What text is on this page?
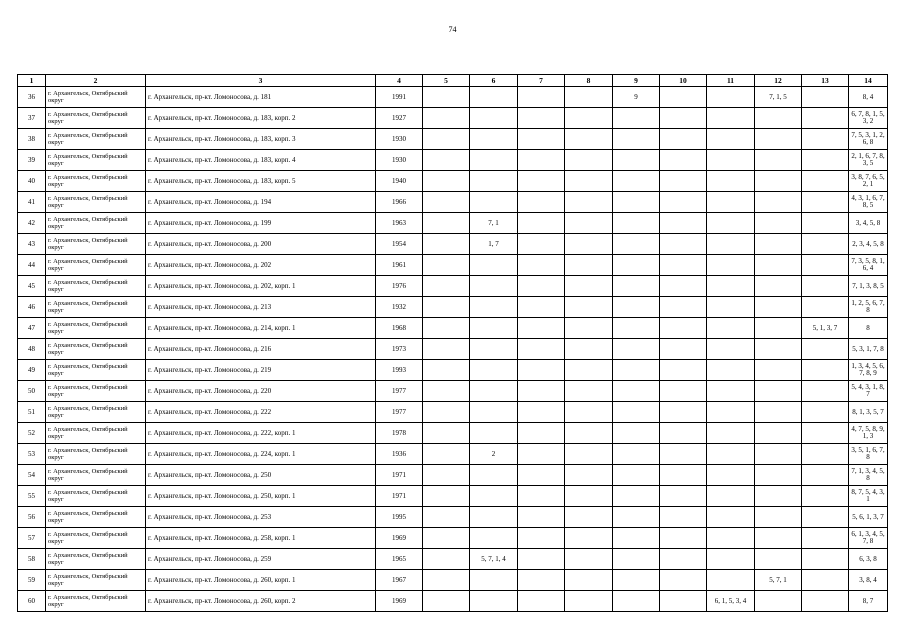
74
1	2	3	4	5	6	7	8	9	10	11	12	13	14
36	г. Архангельск, Октябрьский округ	г. Архангельск, пр-кт. Ломоносова, д. 181	1991					9			7, 1, 5		8, 4
37	г. Архангельск, Октябрьский округ	г. Архангельск, пр-кт. Ломоносова, д. 183, корп. 2	1927										6, 7, 8, 1, 5, 3, 2
38	г. Архангельск, Октябрьский округ	г. Архангельск, пр-кт. Ломоносова, д. 183, корп. 3	1930										7, 5, 3, 1, 2, 6, 8
39	г. Архангельск, Октябрьский округ	г. Архангельск, пр-кт. Ломоносова, д. 183, корп. 4	1930										2, 1, 6, 7, 8, 3, 5
40	г. Архангельск, Октябрьский округ	г. Архангельск, пр-кт. Ломоносова, д. 183, корп. 5	1940										3, 8, 7, 6, 5, 2, 1
41	г. Архангельск, Октябрьский округ	г. Архангельск, пр-кт. Ломоносова, д. 194	1966										4, 3, 1, 6, 7, 8, 5
42	г. Архангельск, Октябрьский округ	г. Архангельск, пр-кт. Ломоносова, д. 199	1963		7, 1								3, 4, 5, 8
43	г. Архангельск, Октябрьский округ	г. Архангельск, пр-кт. Ломоносова, д. 200	1954		1, 7								2, 3, 4, 5, 8
44	г. Архангельск, Октябрьский округ	г. Архангельск, пр-кт. Ломоносова, д. 202	1961										7, 3, 5, 8, 1, 6, 4
45	г. Архангельск, Октябрьский округ	г. Архангельск, пр-кт. Ломоносова, д. 202, корп. 1	1976										7, 1, 3, 8, 5
46	г. Архангельск, Октябрьский округ	г. Архангельск, пр-кт. Ломоносова, д. 213	1932										1, 2, 5, 6, 7, 8
47	г. Архангельск, Октябрьский округ	г. Архангельск, пр-кт. Ломоносова, д. 214, корп. 1	1968									5, 1, 3, 7	8
48	г. Архангельск, Октябрьский округ	г. Архангельск, пр-кт. Ломоносова, д. 216	1973										5, 3, 1, 7, 8
49	г. Архангельск, Октябрьский округ	г. Архангельск, пр-кт. Ломоносова, д. 219	1993										1, 3, 4, 5, 6, 7, 8, 9
50	г. Архангельск, Октябрьский округ	г. Архангельск, пр-кт. Ломоносова, д. 220	1977										5, 4, 3, 1, 8, 7
51	г. Архангельск, Октябрьский округ	г. Архангельск, пр-кт. Ломоносова, д. 222	1977										8, 1, 3, 5, 7
52	г. Архангельск, Октябрьский округ	г. Архангельск, пр-кт. Ломоносова, д. 222, корп. 1	1978										4, 7, 5, 8, 9, 1, 3
53	г. Архангельск, Октябрьский округ	г. Архангельск, пр-кт. Ломоносова, д. 224, корп. 1	1936		2								3, 5, 1, 6, 7, 8
54	г. Архангельск, Октябрьский округ	г. Архангельск, пр-кт. Ломоносова, д. 250	1971										7, 1, 3, 4, 5, 8
55	г. Архангельск, Октябрьский округ	г. Архангельск, пр-кт. Ломоносова, д. 250, корп. 1	1971										8, 7, 5, 4, 3, 1
56	г. Архангельск, Октябрьский округ	г. Архангельск, пр-кт. Ломоносова, д. 253	1995										5, 6, 1, 3, 7
57	г. Архангельск, Октябрьский округ	г. Архангельск, пр-кт. Ломоносова, д. 258, корп. 1	1969										6, 1, 3, 4, 5, 7, 8
58	г. Архангельск, Октябрьский округ	г. Архангельск, пр-кт. Ломоносова, д. 259	1965		5, 7, 1, 4								6, 3, 8
59	г. Архангельск, Октябрьский округ	г. Архангельск, пр-кт. Ломоносова, д. 260, корп. 1	1967								5, 7, 1		3, 8, 4
60	г. Архангельск, Октябрьский округ	г. Архангельск, пр-кт. Ломоносова, д. 260, корп. 2	1969							6, 1, 5, 3, 4			8, 7
